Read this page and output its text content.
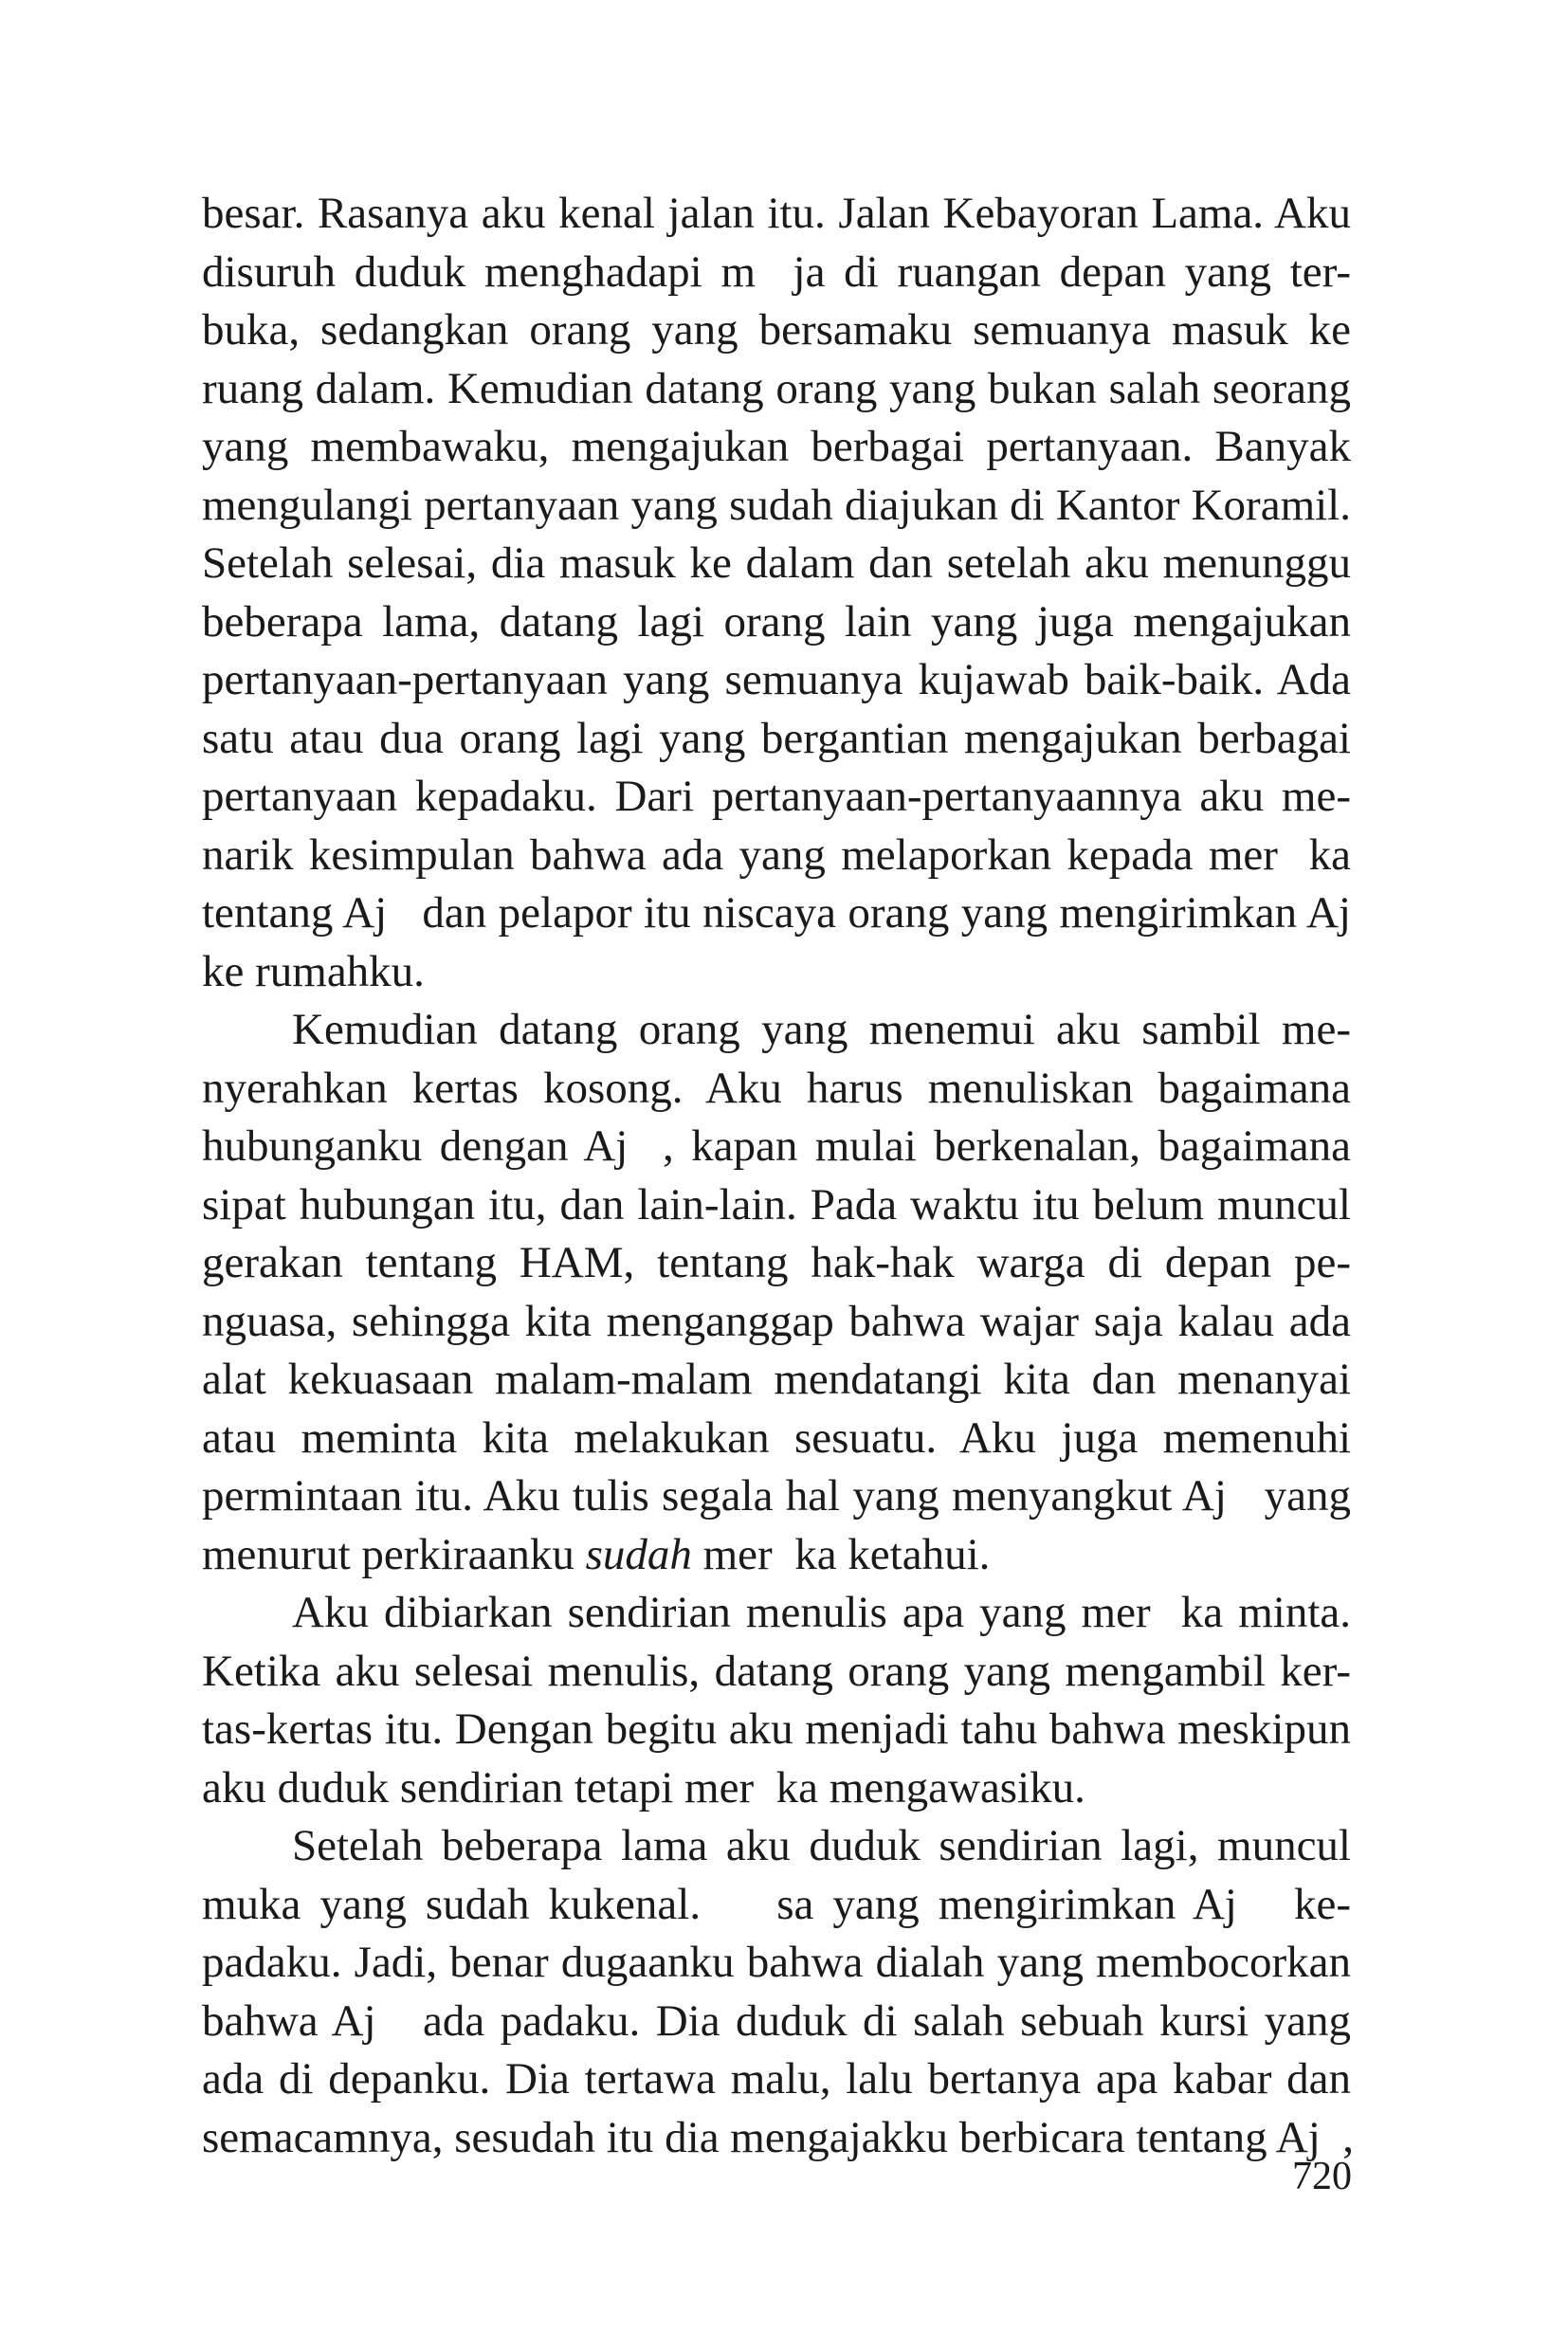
besar. Rasanya aku kenal jalan itu. Jalan Kebayoran Lama. Aku
disuruh duduk menghadapi m  ja di ruangan depan yang ter-
buka, sedangkan orang yang bersamaku semuanya masuk ke
ruang dalam. Kemudian datang orang yang bukan salah seorang
yang membawaku, mengajukan berbagai pertanyaan. Banyak
mengulangi pertanyaan yang sudah diajukan di Kantor Koramil.
Setelah selesai, dia masuk ke dalam dan setelah aku menunggu
beberapa lama, datang lagi orang lain yang juga mengajukan
pertanyaan-pertanyaan yang semuanya kujawab baik-baik. Ada
satu atau dua orang lagi yang bergantian mengajukan berbagai
pertanyaan kepadaku. Dari pertanyaan-pertanyaannya aku me-
narik kesimpulan bahwa ada yang melaporkan kepada mer  ka
tentang Aj   dan pelapor itu niscaya orang yang mengirimkan Aj
ke rumahku.
Kemudian datang orang yang menemui aku sambil me-
nyerahkan kertas kosong. Aku harus menuliskan bagaimana
hubunganku dengan Aj  , kapan mulai berkenalan, bagaimana
sipat hubungan itu, dan lain-lain. Pada waktu itu belum muncul
gerakan tentang HAM, tentang hak-hak warga di depan pe-
nguasa, sehingga kita menganggap bahwa wajar saja kalau ada
alat kekuasaan malam-malam mendatangi kita dan menanyai
atau meminta kita melakukan sesuatu. Aku juga memenuhi
permintaan itu. Aku tulis segala hal yang menyangkut Aj   yang
menurut perkiraanku sudah mer  ka ketahui.
Aku dibiarkan sendirian menulis apa yang mer  ka minta.
Ketika aku selesai menulis, datang orang yang mengambil ker-
tas-kertas itu. Dengan begitu aku menjadi tahu bahwa meskipun
aku duduk sendirian tetapi mer  ka mengawasiku.
Setelah beberapa lama aku duduk sendirian lagi, muncul
muka yang sudah kukenal.    sa yang mengirimkan Aj   ke-
padaku. Jadi, benar dugaanku bahwa dialah yang membocorkan
bahwa Aj   ada padaku. Dia duduk di salah sebuah kursi yang
ada di depanku. Dia tertawa malu, lalu bertanya apa kabar dan
semacamnya, sesudah itu dia mengajakku berbicara tentang Aj  ,
720
